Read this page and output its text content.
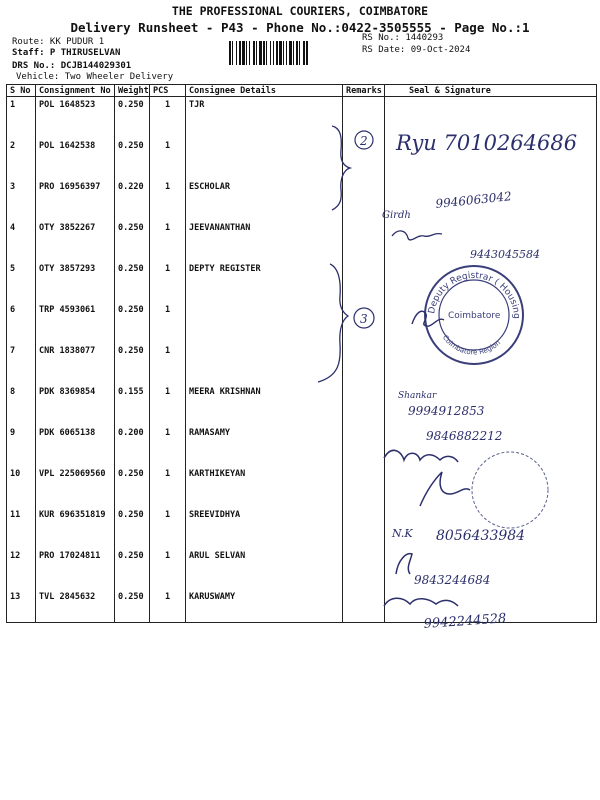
THE PROFESSIONAL COURIERS, COIMBATORE
Delivery Runsheet - P43 - Phone No.:0422-3505555 - Page No.:1
Route: KK PUDUR 1
Staff: P THIRUSELVAN
DRS No.: DCJB144029301
Vehicle: Two Wheeler Delivery
RS No.: 1440293
RS Date: 09-Oct-2024
S No	Consignment No	Weight	PCS	Consignee Details	Remarks	Seal & Signature
1	POL 1648523	0.250	1	TJR		
2	POL 1642538	0.250	1			
3	PRO 16956397	0.220	1	ESCHOLAR		
4	OTY 3852267	0.250	1	JEEVANANTHAN		
5	OTY 3857293	0.250	1	DEPTY REGISTER		
6	TRP 4593061	0.250	1			
7	CNR 1838077	0.250	1			
8	PDK 8369854	0.155	1	MEERA KRISHNAN		
9	PDK 6065138	0.200	1	RAMASAMY		
10	VPL 225069560	0.250	1	KARTHIKEYAN		
11	KUR 696351819	0.250	1	SREEVIDHYA		
12	PRO 17024811	0.250	1	ARUL SELVAN		
13	TVL 2845632	0.250	1	KARUSWAMY		
2
3
Ryu 7010264686
Girdh
9946063042
9443045584
Shankar
9994912853
9846882212
N.K 8056433984
9843244684
9942244528
Deputy Registrar ( Housing
Coimbatore Region
Coimbatore
